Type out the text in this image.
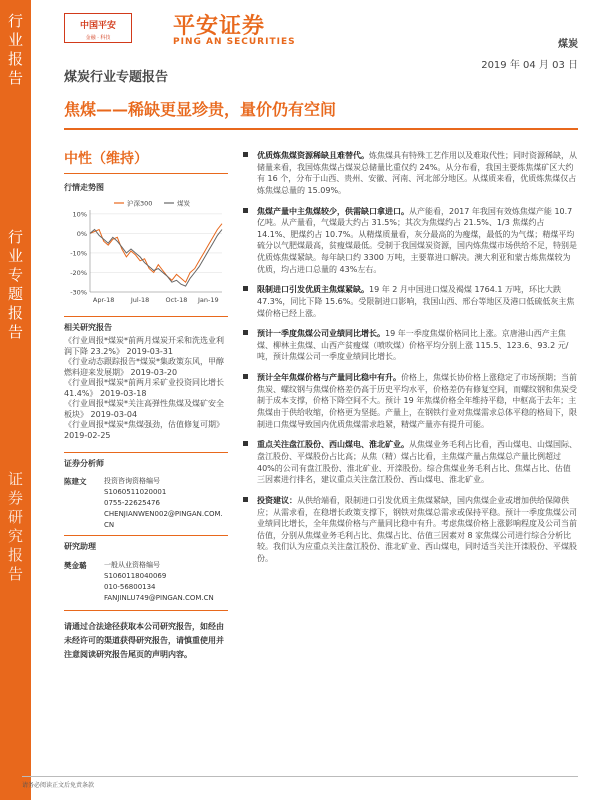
行
业
报
告
行
业
专
题
报
告
证
券
研
究
报
告
中国平安
金融 · 科技	平安证券
PING AN SECURITIES	煤炭
2019 年 04 月 03 日
煤炭行业专题报告
焦煤——稀缺更显珍贵，量价仍有空间
中性（维持）
行情走势图
10%
0%
-10%
-20%
-30%
Apr-18	Jul-18 Oct-18 Jan-19
沪深300	煤炭
相关研究报告
《行业周报*煤炭*前两月煤炭开采和洗选业利润下降 23.2%》 2019-03-31
《行业动态跟踪报告*煤炭*集政策东风，甲醇燃料迎来发展期》 2019-03-20
《行业周报*煤炭*前两月采矿业投资同比增长 41.4%》 2019-03-18
《行业周报*煤炭*关注高弹性焦煤及煤矿安全板块》 2019-03-04
《行业周报*煤炭*焦煤强劲，估值修复可期》 2019-02-25
证券分析师
陈建文	投资咨询资格编号
S1060511020001
0755-22625476
CHENJIANWEN002@PINGAN.COM.
CN
研究助理
樊金璐	一般从业资格编号
S1060118040069
010-56800134
FANJINLU749@PINGAN.COM.CN
请通过合法途径获取本公司研究报告，如经由未经许可的渠道获得研究报告，请慎重使用并注意阅读研究报告尾页的声明内容。
优质炼焦煤资源稀缺且难替代。炼焦煤具有特殊工艺作用以及难取代性；同时资源稀缺，从储量来看，我国炼焦煤占煤炭总储量比重仅约 24%。从分布看，我国主要炼焦煤矿区大约有 16 个，分布于山西、贵州、安徽、河南、河北部分地区。从煤质来看，优质炼焦煤仅占炼焦煤总量的 15.09%。
焦煤产量中主焦煤较少，供需缺口拿进口。从产能看，2017 年我国有效炼焦煤产能 10.7 亿吨。从产量看，气煤最大约占 31.5%；其次为焦煤约占 21.5%、1/3 焦煤约占 14.1%、肥煤约占 10.7%。从精煤质量看，灰分最高的为瘦煤，最低的为气煤；精煤平均硫分以气肥煤最高，贫瘦煤最低。受制于我国煤炭资源，国内炼焦煤市场供给不足，特别是优质炼焦煤紧缺。每年缺口约 3300 万吨，主要靠进口解决。澳大利亚和蒙古炼焦煤较为优质，均占进口总量的 43%左右。
限制进口引发优质主焦煤紧缺。19 年 2 月中国进口煤及褐煤 1764.1 万吨，环比大跌 47.3%，同比下降 15.6%。受限制进口影响，我国山西、邢台等地区及港口低硫低灰主焦煤价格已经上涨。
预计一季度焦煤公司业绩同比增长。19 年一季度焦煤价格同比上涨。京唐港山西产主焦煤、柳林主焦煤、山西产贫瘦煤（喷吹煤）价格平均分别上涨 115.5、123.6、93.2 元/吨，预计焦煤公司一季度业绩同比增长。
预计全年焦煤价格与产量同比稳中有升。价格上，焦煤长协价格上涨稳定了市场预期；当前焦炭、螺纹钢与焦煤价格差仍高于历史平均水平，价格差仍有修复空间，而螺纹钢和焦炭受制于成本支撑，价格下降空间不大。预计 19 年焦煤价格全年维持平稳，中枢高于去年；主焦煤由于供给收缩，价格更为坚挺。产量上，在钢铁行业对焦煤需求总体平稳的格局下，限制进口焦煤导致国内优质焦煤需求趋紧，精煤产量亦有提升可能。
重点关注盘江股份、西山煤电、淮北矿业。从焦煤业务毛利占比看，西山煤电、山煤国际、盘江股份、平煤股份占比高；从焦（精）煤占比看，主焦煤产量占焦煤总产量比例超过 40%的公司有盘江股份、淮北矿业、开滦股份。综合焦煤业务毛利占比、焦煤占比、估值三因素进行排名，建议重点关注盘江股份、西山煤电、淮北矿业。
投资建议：从供给端看，限制进口引发优质主焦煤紧缺，国内焦煤企业或增加供给保障供应；从需求看，在稳增长政策支撑下，钢铁对焦煤总需求或保持平稳。预计一季度焦煤公司业绩同比增长，全年焦煤价格与产量同比稳中有升。考虑焦煤价格上涨影响程度及公司当前估值，分别从焦煤业务毛利占比、焦煤占比、估值三因素对 8 家焦煤公司进行综合分析比较。我们认为应重点关注盘江股份、淮北矿业、西山煤电，同时适当关注开滦股份、平煤股份。
请务必阅读正文后免责条款
